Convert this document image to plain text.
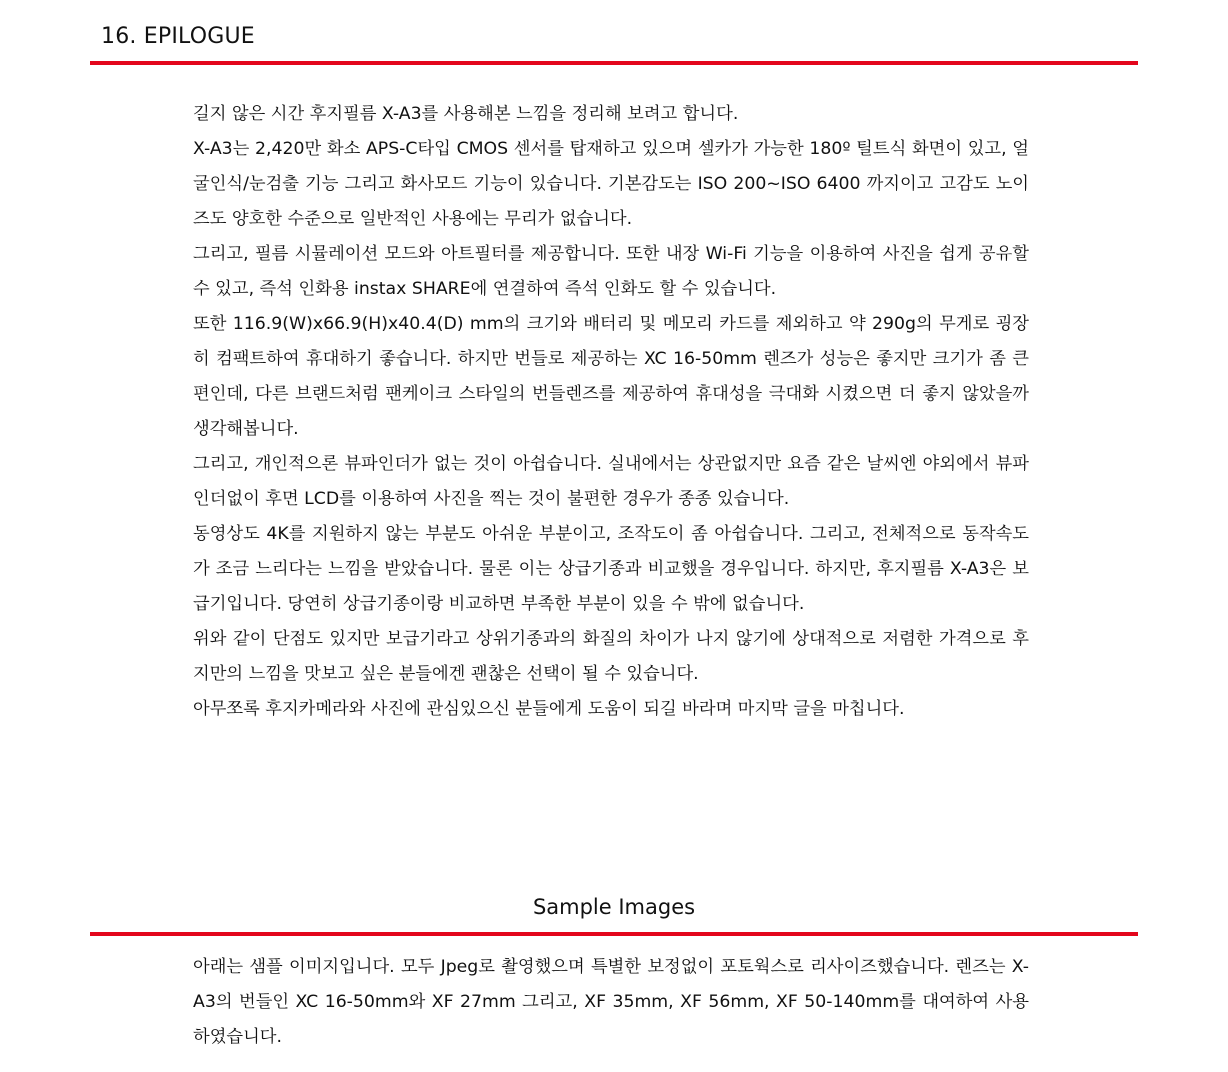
16. EPILOGUE

길지 않은 시간 후지필름 X-A3를 사용해본 느낌을 정리해 보려고 합니다.

X-A3는 2,420만 화소 APS-C타입 CMOS 센서를 탑재하고 있으며 셀카가 가능한 180º 틸트식 화면이 있고, 얼굴인식/눈검출 기능 그리고 화사모드 기능이 있습니다. 기본감도는 ISO 200~ISO 6400 까지이고 고감도 노이즈도 양호한 수준으로 일반적인 사용에는 무리가 없습니다.

그리고, 필름 시뮬레이션 모드와 아트필터를 제공합니다. 또한 내장 Wi-Fi 기능을 이용하여 사진을 쉽게 공유할 수 있고, 즉석 인화용 instax SHARE에 연결하여 즉석 인화도 할 수 있습니다.

또한 116.9(W)x66.9(H)x40.4(D) mm의 크기와 배터리 및 메모리 카드를 제외하고 약 290g의 무게로 굉장히 컴팩트하여 휴대하기 좋습니다. 하지만 번들로 제공하는 XC 16-50mm 렌즈가 성능은 좋지만 크기가 좀 큰 편인데, 다른 브랜드처럼 팬케이크 스타일의 번들렌즈를 제공하여 휴대성을 극대화 시켰으면 더 좋지 않았을까 생각해봅니다.

그리고, 개인적으론 뷰파인더가 없는 것이 아쉽습니다. 실내에서는 상관없지만 요즘 같은 날씨엔 야외에서 뷰파인더없이 후면 LCD를 이용하여 사진을 찍는 것이 불편한 경우가 종종 있습니다.

동영상도 4K를 지원하지 않는 부분도 아쉬운 부분이고, 조작도이 좀 아쉽습니다. 그리고, 전체적으로 동작속도가 조금 느리다는 느낌을 받았습니다. 물론 이는 상급기종과 비교했을 경우입니다. 하지만, 후지필름 X-A3은 보급기입니다. 당연히 상급기종이랑 비교하면 부족한 부분이 있을 수 밖에 없습니다.

위와 같이 단점도 있지만 보급기라고 상위기종과의 화질의 차이가 나지 않기에 상대적으로 저렴한 가격으로 후지만의 느낌을 맛보고 싶은 분들에겐 괜찮은 선택이 될 수 있습니다.

아무쪼록 후지카메라와 사진에 관심있으신 분들에게 도움이 되길 바라며 마지막 글을 마칩니다.

Sample Images

아래는 샘플 이미지입니다. 모두 Jpeg로 촬영했으며 특별한 보정없이 포토웍스로 리사이즈했습니다. 렌즈는 X-A3의 번들인 XC 16-50mm와 XF 27mm 그리고, XF 35mm, XF 56mm, XF 50-140mm를 대여하여 사용하였습니다.
